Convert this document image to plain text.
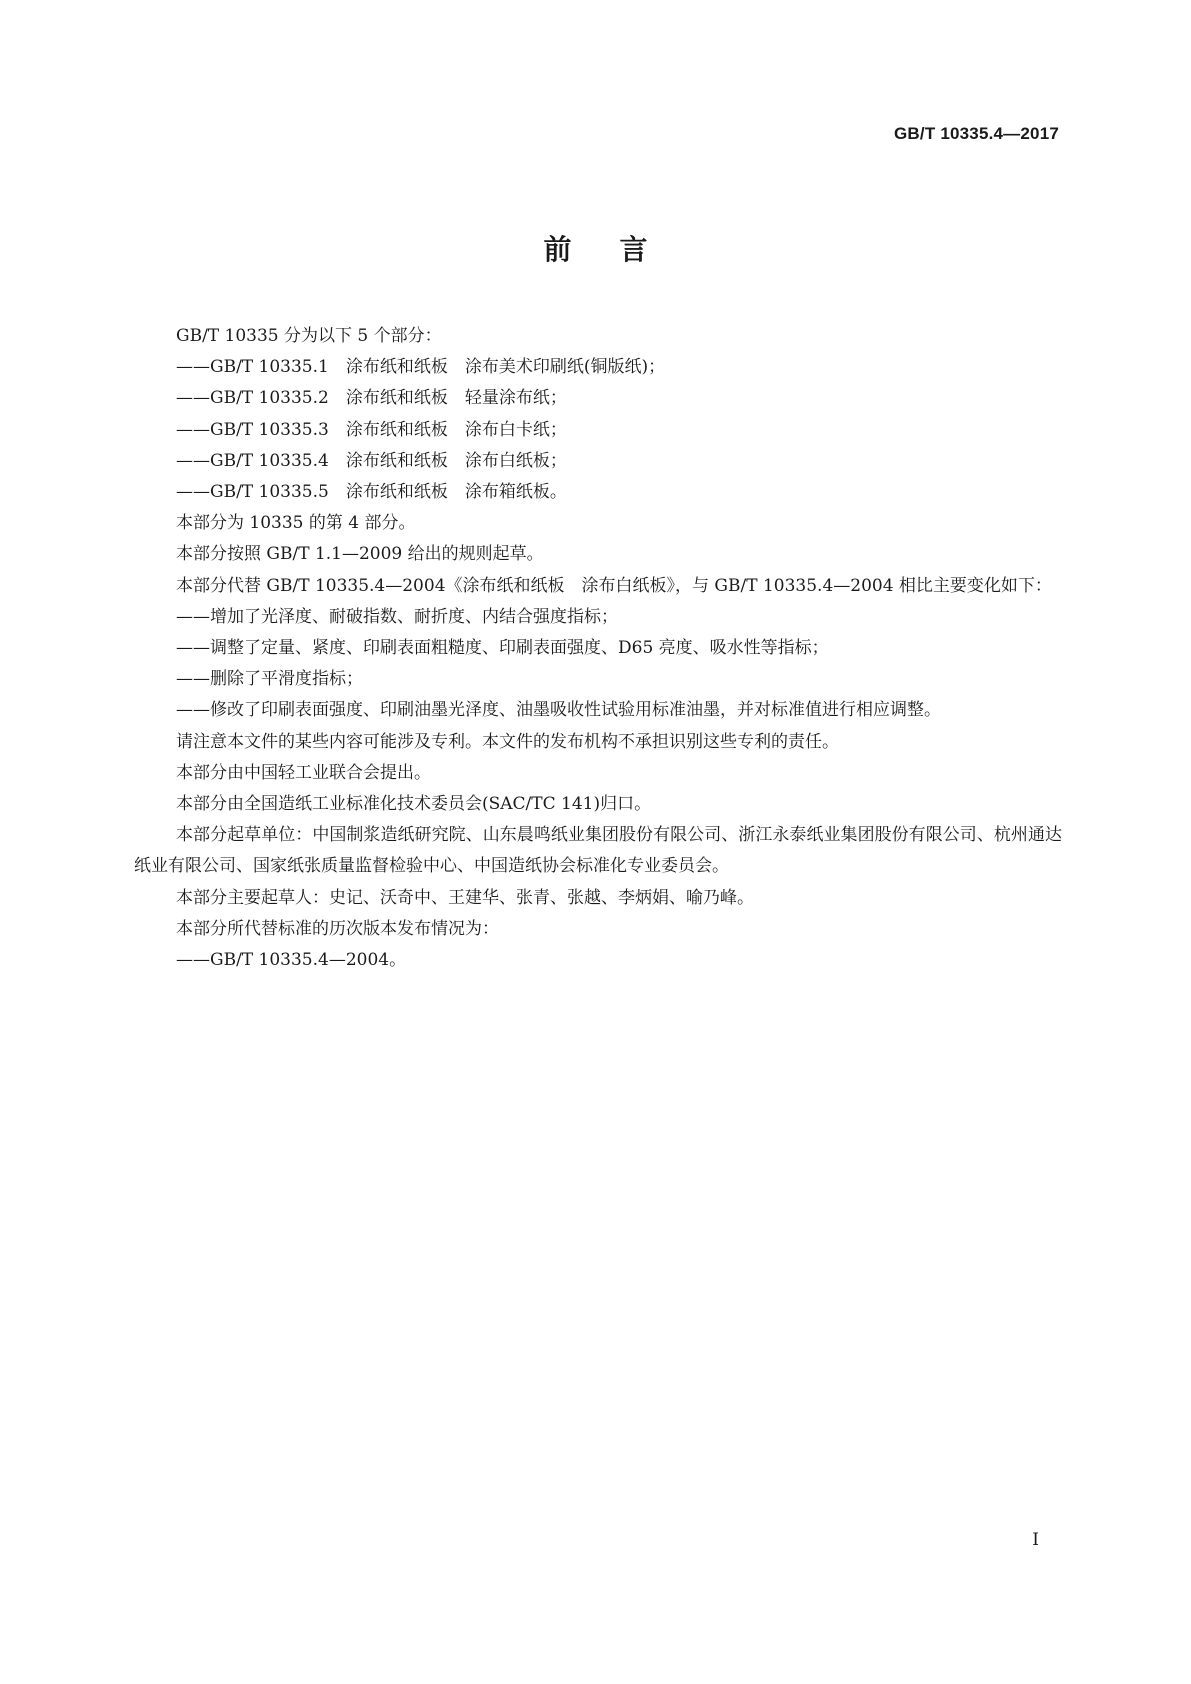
GB/T 10335.4—2017
前言

GB/T 10335 分为以下 5 个部分：

——GB/T 10335.1　涂布纸和纸板　涂布美术印刷纸(铜版纸)；

——GB/T 10335.2　涂布纸和纸板　轻量涂布纸；

——GB/T 10335.3　涂布纸和纸板　涂布白卡纸；

——GB/T 10335.4　涂布纸和纸板　涂布白纸板；

——GB/T 10335.5　涂布纸和纸板　涂布箱纸板。

本部分为 10335 的第 4 部分。

本部分按照 GB/T 1.1—2009 给出的规则起草。

本部分代替 GB/T 10335.4—2004《涂布纸和纸板　涂布白纸板》，与 GB/T 10335.4—2004 相比主要变化如下：

——增加了光泽度、耐破指数、耐折度、内结合强度指标；

——调整了定量、紧度、印刷表面粗糙度、印刷表面强度、D65 亮度、吸水性等指标；

——删除了平滑度指标；

——修改了印刷表面强度、印刷油墨光泽度、油墨吸收性试验用标准油墨，并对标准值进行相应调整。

请注意本文件的某些内容可能涉及专利。本文件的发布机构不承担识别这些专利的责任。

本部分由中国轻工业联合会提出。

本部分由全国造纸工业标准化技术委员会(SAC/TC 141)归口。

本部分起草单位：中国制浆造纸研究院、山东晨鸣纸业集团股份有限公司、浙江永泰纸业集团股份有限公司、杭州通达纸业有限公司、国家纸张质量监督检验中心、中国造纸协会标准化专业委员会。

本部分主要起草人：史记、沃奇中、王建华、张青、张越、李炳娟、喻乃峰。

本部分所代替标准的历次版本发布情况为：

——GB/T 10335.4—2004。

I
